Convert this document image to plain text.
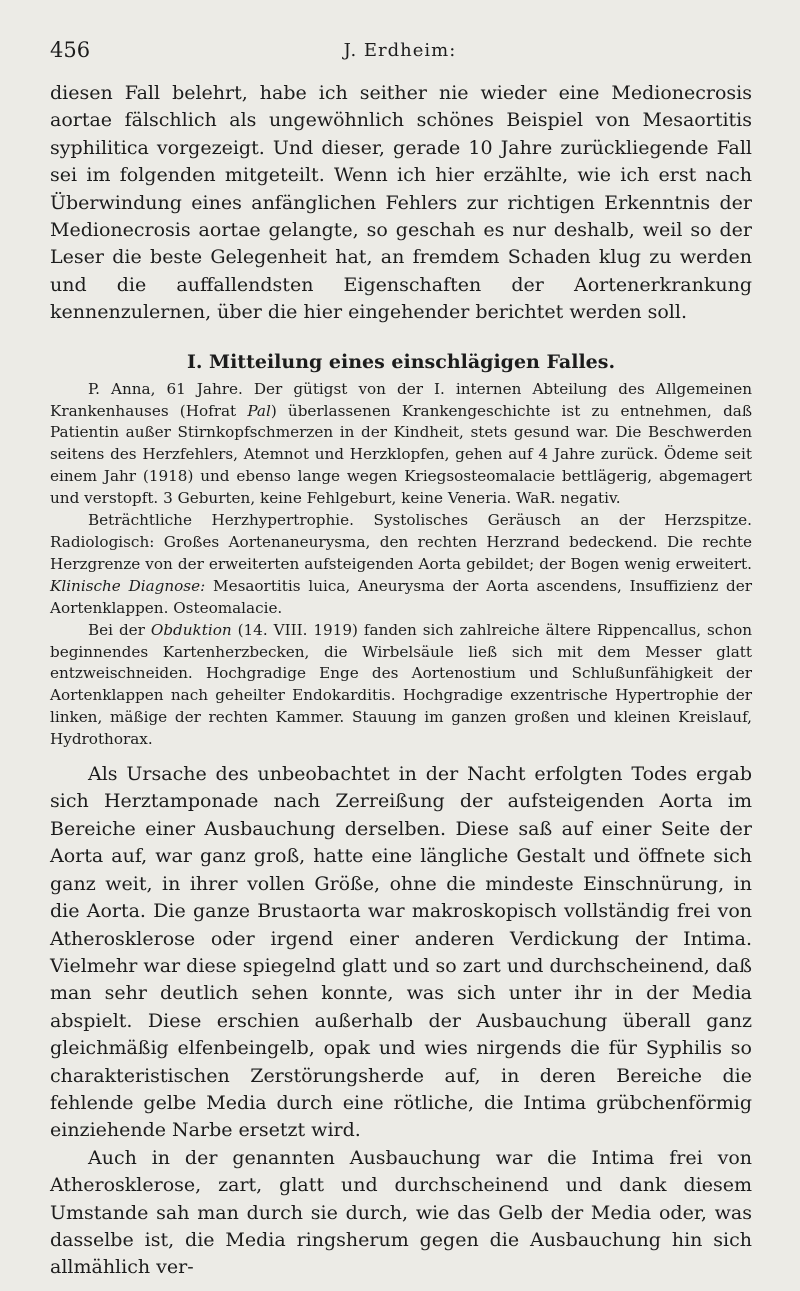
456	J. Erdheim:

diesen Fall belehrt, habe ich seither nie wieder eine Medionecrosis aortae fälschlich als ungewöhnlich schönes Beispiel von Mesaortitis syphilitica vorgezeigt. Und dieser, gerade 10 Jahre zurückliegende Fall sei im folgenden mitgeteilt. Wenn ich hier erzählte, wie ich erst nach Überwindung eines anfänglichen Fehlers zur richtigen Erkenntnis der Medionecrosis aortae gelangte, so geschah es nur deshalb, weil so der Leser die beste Gelegenheit hat, an fremdem Schaden klug zu werden und die auffallendsten Eigenschaften der Aortenerkrankung kennenzulernen, über die hier eingehender berichtet werden soll.

I. Mitteilung eines einschlägigen Falles.

P. Anna, 61 Jahre. Der gütigst von der I. internen Abteilung des Allgemeinen Krankenhauses (Hofrat Pal) überlassenen Krankengeschichte ist zu entnehmen, daß Patientin außer Stirnkopfschmerzen in der Kindheit, stets gesund war. Die Beschwerden seitens des Herzfehlers, Atemnot und Herzklopfen, gehen auf 4 Jahre zurück. Ödeme seit einem Jahr (1918) und ebenso lange wegen Kriegsosteomalacie bettlägerig, abgemagert und verstopft. 3 Geburten, keine Fehlgeburt, keine Veneria. WaR. negativ.

Beträchtliche Herzhypertrophie. Systolisches Geräusch an der Herzspitze. Radiologisch: Großes Aortenaneurysma, den rechten Herzrand bedeckend. Die rechte Herzgrenze von der erweiterten aufsteigenden Aorta gebildet; der Bogen wenig erweitert. Klinische Diagnose: Mesaortitis luica, Aneurysma der Aorta ascendens, Insuffizienz der Aortenklappen. Osteomalacie.

Bei der Obduktion (14. VIII. 1919) fanden sich zahlreiche ältere Rippencallus, schon beginnendes Kartenherzbecken, die Wirbelsäule ließ sich mit dem Messer glatt entzweischneiden. Hochgradige Enge des Aortenostium und Schlußunfähigkeit der Aortenklappen nach geheilter Endokarditis. Hochgradige exzentrische Hypertrophie der linken, mäßige der rechten Kammer. Stauung im ganzen großen und kleinen Kreislauf, Hydrothorax.

Als Ursache des unbeobachtet in der Nacht erfolgten Todes ergab sich Herztamponade nach Zerreißung der aufsteigenden Aorta im Bereiche einer Ausbauchung derselben. Diese saß auf einer Seite der Aorta auf, war ganz groß, hatte eine längliche Gestalt und öffnete sich ganz weit, in ihrer vollen Größe, ohne die mindeste Einschnürung, in die Aorta. Die ganze Brustaorta war makroskopisch vollständig frei von Atherosklerose oder irgend einer anderen Verdickung der Intima. Vielmehr war diese spiegelnd glatt und so zart und durchscheinend, daß man sehr deutlich sehen konnte, was sich unter ihr in der Media abspielt. Diese erschien außerhalb der Ausbauchung überall ganz gleichmäßig elfenbeingelb, opak und wies nirgends die für Syphilis so charakteristischen Zerstörungsherde auf, in deren Bereiche die fehlende gelbe Media durch eine rötliche, die Intima grübchenförmig einziehende Narbe ersetzt wird.

Auch in der genannten Ausbauchung war die Intima frei von Atherosklerose, zart, glatt und durchscheinend und dank diesem Umstande sah man durch sie durch, wie das Gelb der Media oder, was dasselbe ist, die Media ringsherum gegen die Ausbauchung hin sich allmählich ver-
